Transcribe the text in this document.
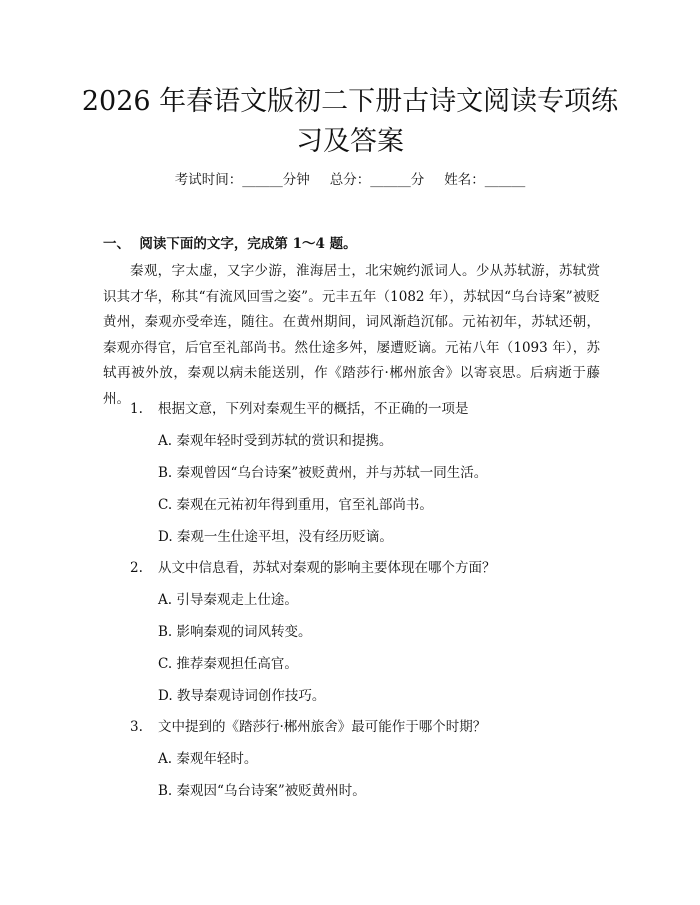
2026 年春语文版初二下册古诗文阅读专项练习及答案
考试时间：______分钟 总分：______分 姓名：______
一、  阅读下面的文字，完成第 1～4 题。

秦观，字太虚，又字少游，淮海居士，北宋婉约派词人。少从苏轼游，苏轼赏识其才华，称其“有流风回雪之姿”。元丰五年（1082 年），苏轼因“乌台诗案”被贬黄州，秦观亦受牵连，随往。在黄州期间，词风渐趋沉郁。元祐初年，苏轼还朝，秦观亦得官，后官至礼部尚书。然仕途多舛，屡遭贬谪。元祐八年（1093 年），苏轼再被外放，秦观以病未能送别，作《踏莎行·郴州旅舍》以寄哀思。后病逝于藤州。

1. 根据文意，下列对秦观生平的概括，不正确的一项是
A. 秦观年轻时受到苏轼的赏识和提携。
B. 秦观曾因“乌台诗案”被贬黄州，并与苏轼一同生活。
C. 秦观在元祐初年得到重用，官至礼部尚书。
D. 秦观一生仕途平坦，没有经历贬谪。
2. 从文中信息看，苏轼对秦观的影响主要体现在哪个方面？
A. 引导秦观走上仕途。
B. 影响秦观的词风转变。
C. 推荐秦观担任高官。
D. 教导秦观诗词创作技巧。
3. 文中提到的《踏莎行·郴州旅舍》最可能作于哪个时期？
A. 秦观年轻时。
B. 秦观因“乌台诗案”被贬黄州时。
